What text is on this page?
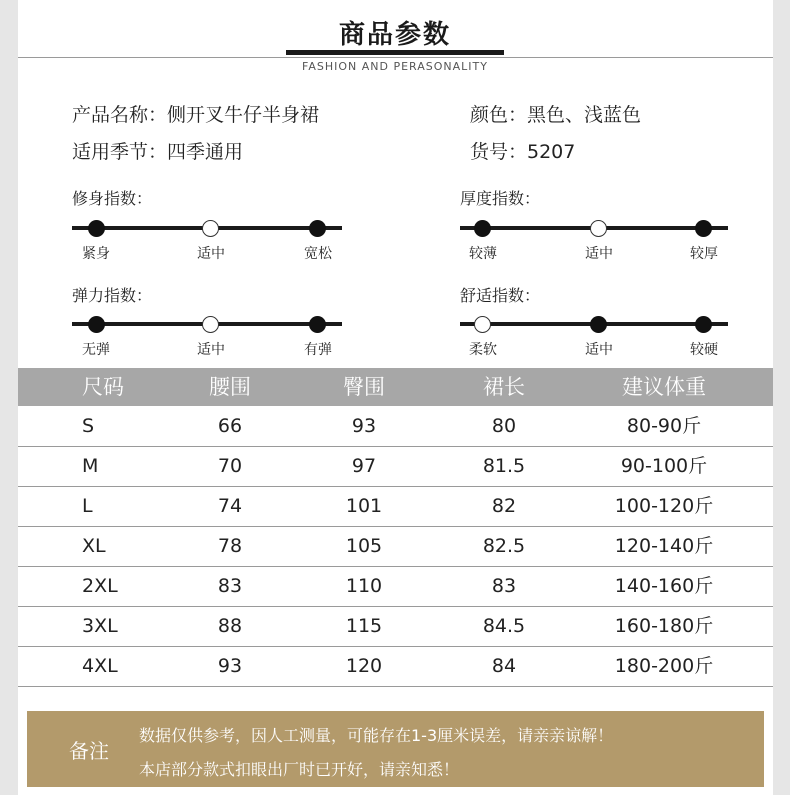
商品参数
FASHION AND PERASONALITY
产品名称：侧开叉牛仔半身裙	颜色：黑色、浅蓝色
适用季节：四季通用	货号：5207
修身指数：
紧身	适中	宽松
厚度指数：
较薄	适中	较厚
弹力指数：
无弹	适中	有弹
舒适指数：
柔软	适中	较硬
尺码	腰围	臀围	裙长	建议体重
S	66	93	80	80-90斤
M	70	97	81.5	90-100斤
L	74	101	82	100-120斤
XL	78	105	82.5	120-140斤
2XL	83	110	83	140-160斤
3XL	88	115	84.5	160-180斤
4XL	93	120	84	180-200斤
备注
数据仅供参考，因人工测量，可能存在1-3厘米误差，请亲亲谅解！
本店部分款式扣眼出厂时已开好，请亲知悉！
